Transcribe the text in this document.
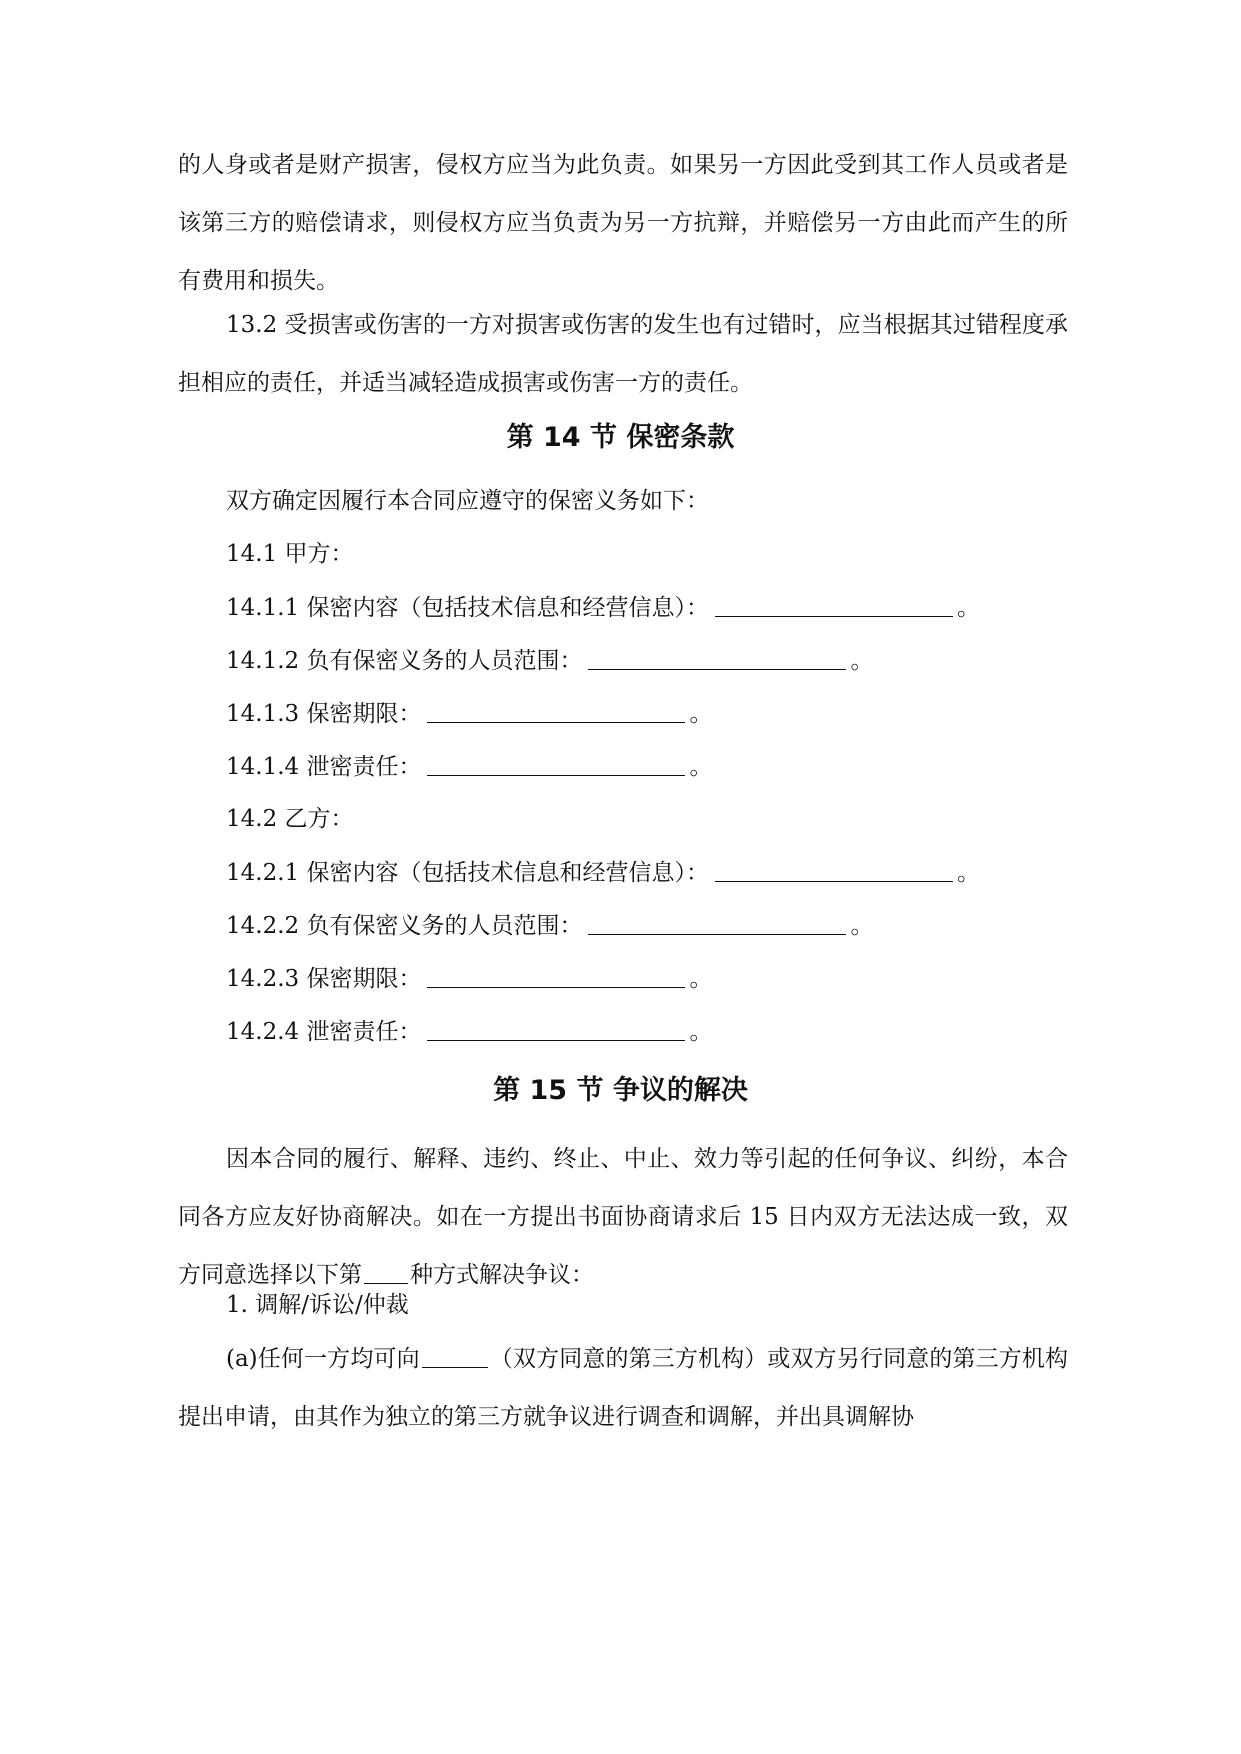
的人身或者是财产损害，侵权方应当为此负责。如果另一方因此受到其工作人员或者是该第三方的赔偿请求，则侵权方应当负责为另一方抗辩，并赔偿另一方由此而产生的所有费用和损失。

13.2 受损害或伤害的一方对损害或伤害的发生也有过错时，应当根据其过错程度承担相应的责任，并适当减轻造成损害或伤害一方的责任。

第 14 节 保密条款
双方确定因履行本合同应遵守的保密义务如下：
14.1 甲方：
14.1.1 保密内容（包括技术信息和经营信息）：	。
14.1.2 负有保密义务的人员范围：	。
14.1.3 保密期限：	。
14.1.4 泄密责任：	。
14.2 乙方：
14.2.1 保密内容（包括技术信息和经营信息）：	。
14.2.2 负有保密义务的人员范围：	。
14.2.3 保密期限：	。
14.2.4 泄密责任：	。
第 15 节 争议的解决

因本合同的履行、解释、违约、终止、中止、效力等引起的任何争议、纠纷，本合同各方应友好协商解决。如在一方提出书面协商请求后 15 日内双方无法达成一致，双方同意选择以下第 种方式解决争议：

1. 调解/诉讼/仲裁

(a)任何一方均可向	（双方同意的第三方机构）或双方另行同意的第三方机构提出申请，由其作为独立的第三方就争议进行调查和调解，并出具调解协
